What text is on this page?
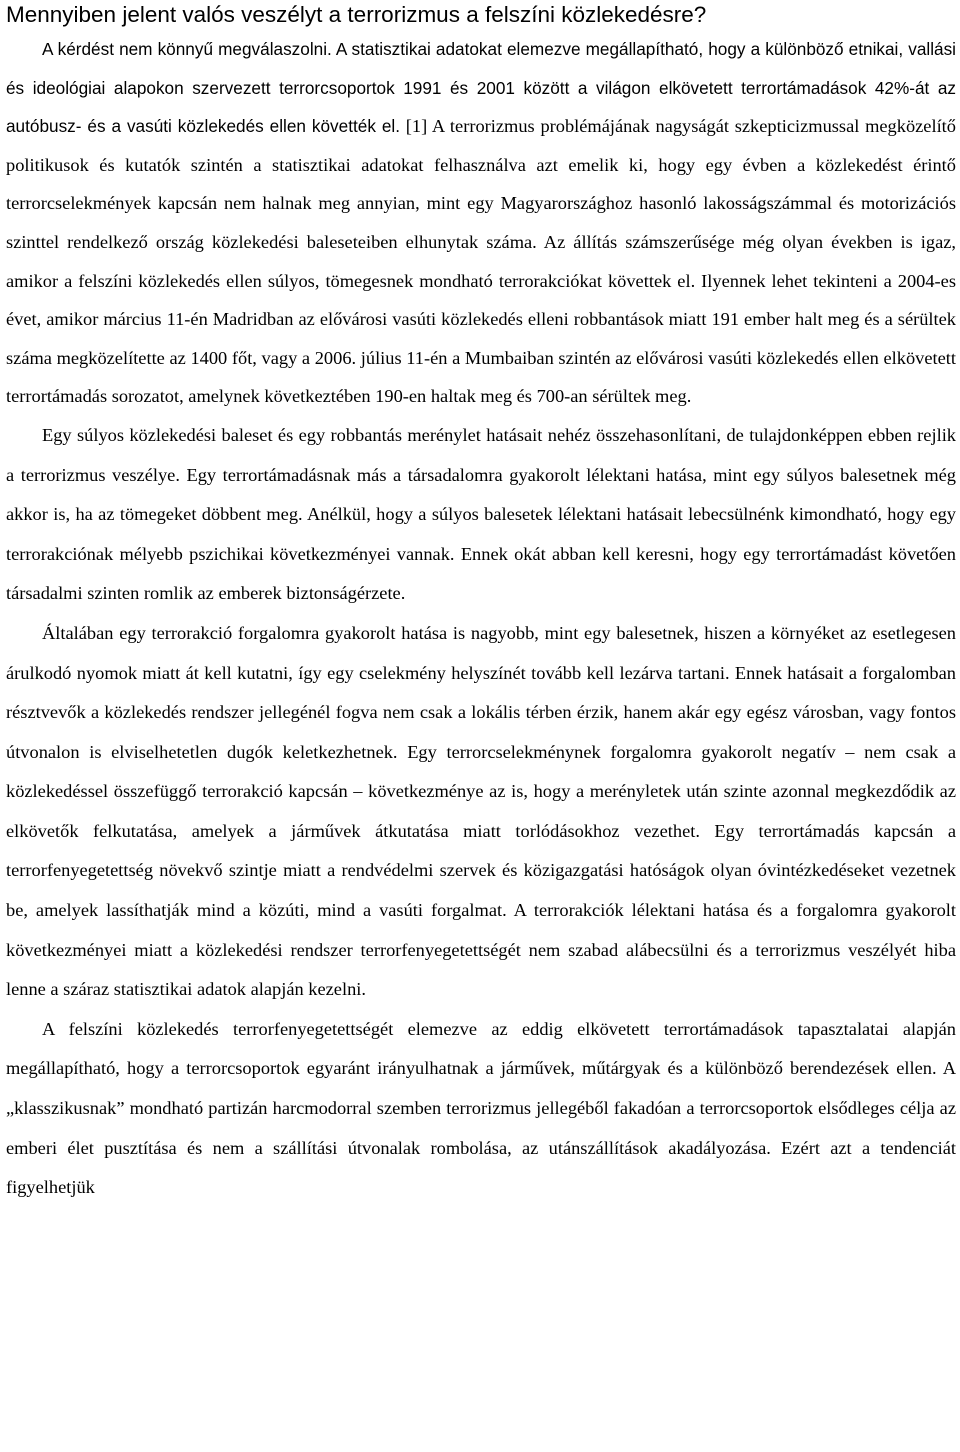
Mennyiben jelent valós veszélyt a terrorizmus a felszíni közlekedésre?

A kérdést nem könnyű megválaszolni. A statisztikai adatokat elemezve megállapítható, hogy a különböző etnikai, vallási és ideológiai alapokon szervezett terrorcsoportok 1991 és 2001 között a világon elkövetett terrortámadások 42%-át az autóbusz- és a vasúti közlekedés ellen követték el. [1] A terrorizmus problémájának nagyságát szkepticizmussal megközelítő politikusok és kutatók szintén a statisztikai adatokat felhasználva azt emelik ki, hogy egy évben a közlekedést érintő terrorcselekmények kapcsán nem halnak meg annyian, mint egy Magyarországhoz hasonló lakosságszámmal és motorizációs szinttel rendelkező ország közlekedési baleseteiben elhunytak száma. Az állítás számszerűsége még olyan években is igaz, amikor a felszíni közlekedés ellen súlyos, tömegesnek mondható terrorakciókat követtek el. Ilyennek lehet tekinteni a 2004-es évet, amikor március 11-én Madridban az elővárosi vasúti közlekedés elleni robbantások miatt 191 ember halt meg és a sérültek száma megközelítette az 1400 főt, vagy a 2006. július 11-én a Mumbaiban szintén az elővárosi vasúti közlekedés ellen elkövetett terrortámadás sorozatot, amelynek következtében 190-en haltak meg és 700-an sérültek meg.

Egy súlyos közlekedési baleset és egy robbantás merénylet hatásait nehéz összehasonlítani, de tulajdonképpen ebben rejlik a terrorizmus veszélye. Egy terrortámadásnak más a társadalomra gyakorolt lélektani hatása, mint egy súlyos balesetnek még akkor is, ha az tömegeket döbbent meg. Anélkül, hogy a súlyos balesetek lélektani hatásait lebecsülnénk kimondható, hogy egy terrorakciónak mélyebb pszichikai következményei vannak. Ennek okát abban kell keresni, hogy egy terrortámadást követően társadalmi szinten romlik az emberek biztonságérzete.

Általában egy terrorakció forgalomra gyakorolt hatása is nagyobb, mint egy balesetnek, hiszen a környéket az esetlegesen árulkodó nyomok miatt át kell kutatni, így egy cselekmény helyszínét tovább kell lezárva tartani. Ennek hatásait a forgalomban résztvevők a közlekedés rendszer jellegénél fogva nem csak a lokális térben érzik, hanem akár egy egész városban, vagy fontos útvonalon is elviselhetetlen dugók keletkezhetnek. Egy terrorcselekménynek forgalomra gyakorolt negatív – nem csak a közlekedéssel összefüggő terrorakció kapcsán – következménye az is, hogy a merényletek után szinte azonnal megkezdődik az elkövetők felkutatása, amelyek a járművek átkutatása miatt torlódásokhoz vezethet. Egy terrortámadás kapcsán a terrorfenyegetettség növekvő szintje miatt a rendvédelmi szervek és közigazgatási hatóságok olyan óvintézkedéseket vezetnek be, amelyek lassíthatják mind a közúti, mind a vasúti forgalmat. A terrorakciók lélektani hatása és a forgalomra gyakorolt következményei miatt a közlekedési rendszer terrorfenyegetettségét nem szabad alábecsülni és a terrorizmus veszélyét hiba lenne a száraz statisztikai adatok alapján kezelni.

A felszíni közlekedés terrorfenyegetettségét elemezve az eddig elkövetett terrortámadások tapasztalatai alapján megállapítható, hogy a terrorcsoportok egyaránt irányulhatnak a járművek, műtárgyak és a különböző berendezések ellen. A „klasszikusnak” mondható partizán harcmodorral szemben terrorizmus jellegéből fakadóan a terrorcsoportok elsődleges célja az emberi élet pusztítása és nem a szállítási útvonalak rombolása, az utánszállítások akadályozása. Ezért azt a tendenciát figyelhetjük
